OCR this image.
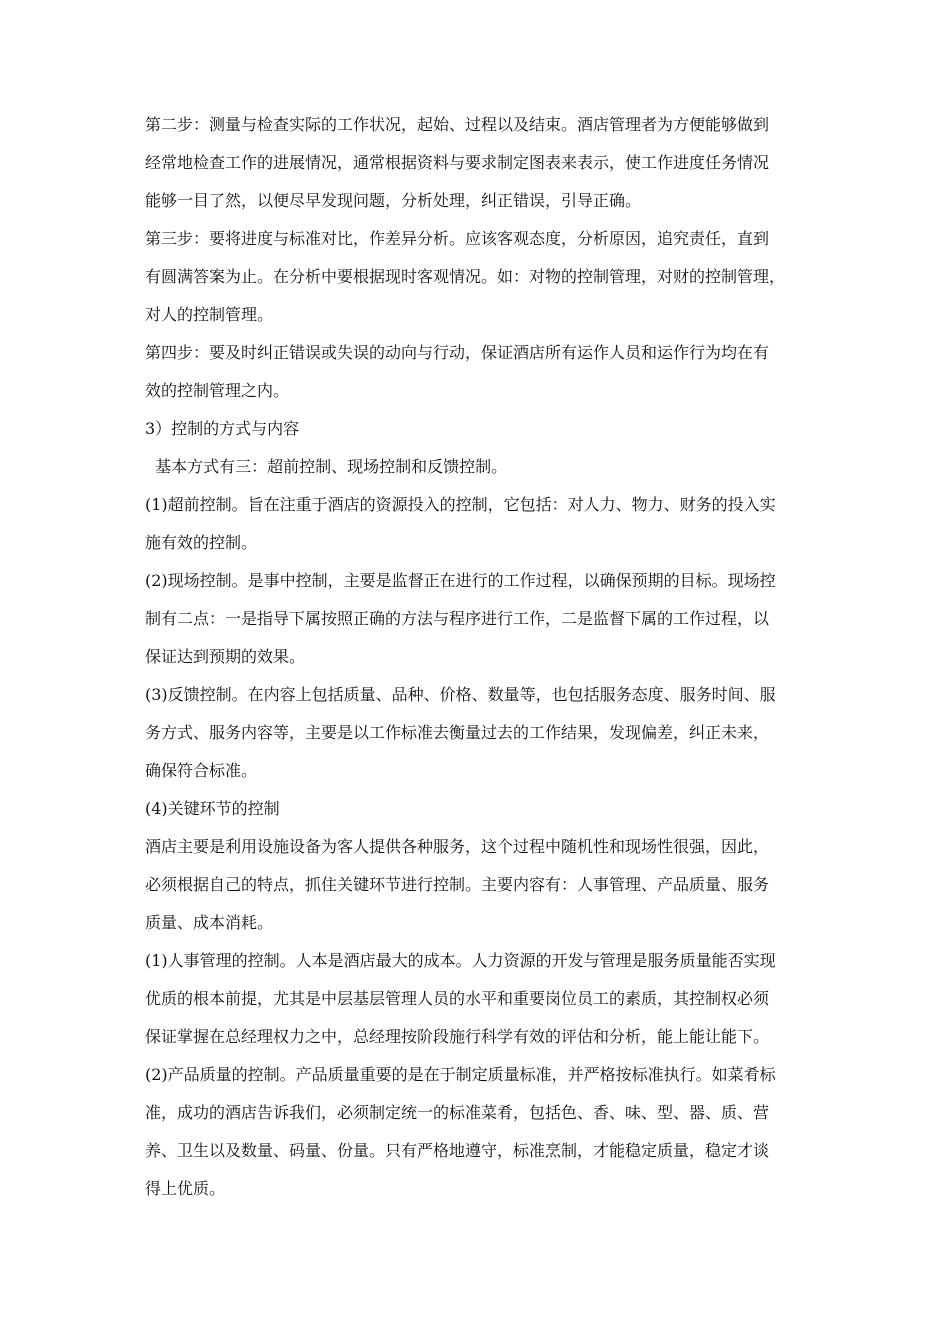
第二步：测量与检查实际的工作状况，起始、过程以及结束。酒店管理者为方便能够做到
经常地检查工作的进展情况，通常根据资料与要求制定图表来表示，使工作进度任务情况
能够一目了然，以便尽早发现问题，分析处理，纠正错误，引导正确。
第三步：要将进度与标准对比，作差异分析。应该客观态度，分析原因，追究责任，直到
有圆满答案为止。在分析中要根据现时客观情况。如：对物的控制管理，对财的控制管理，
对人的控制管理。
第四步：要及时纠正错误或失误的动向与行动，保证酒店所有运作人员和运作行为均在有
效的控制管理之内。
3）控制的方式与内容
基本方式有三：超前控制、现场控制和反馈控制。
(1)超前控制。旨在注重于酒店的资源投入的控制，它包括：对人力、物力、财务的投入实
施有效的控制。
(2)现场控制。是事中控制，主要是监督正在进行的工作过程，以确保预期的目标。现场控
制有二点：一是指导下属按照正确的方法与程序进行工作，二是监督下属的工作过程，以
保证达到预期的效果。
(3)反馈控制。在内容上包括质量、品种、价格、数量等，也包括服务态度、服务时间、服
务方式、服务内容等，主要是以工作标准去衡量过去的工作结果，发现偏差，纠正未来，
确保符合标准。
(4)关键环节的控制
酒店主要是利用设施设备为客人提供各种服务，这个过程中随机性和现场性很强，因此，
必须根据自己的特点，抓住关键环节进行控制。主要内容有：人事管理、产品质量、服务
质量、成本消耗。
(1)人事管理的控制。人本是酒店最大的成本。人力资源的开发与管理是服务质量能否实现
优质的根本前提，尤其是中层基层管理人员的水平和重要岗位员工的素质，其控制权必须
保证掌握在总经理权力之中，总经理按阶段施行科学有效的评估和分析，能上能让能下。
(2)产品质量的控制。产品质量重要的是在于制定质量标准，并严格按标准执行。如菜肴标
准，成功的酒店告诉我们，必须制定统一的标准菜肴，包括色、香、味、型、器、质、营
养、卫生以及数量、码量、份量。只有严格地遵守，标准烹制，才能稳定质量，稳定才谈
得上优质。
